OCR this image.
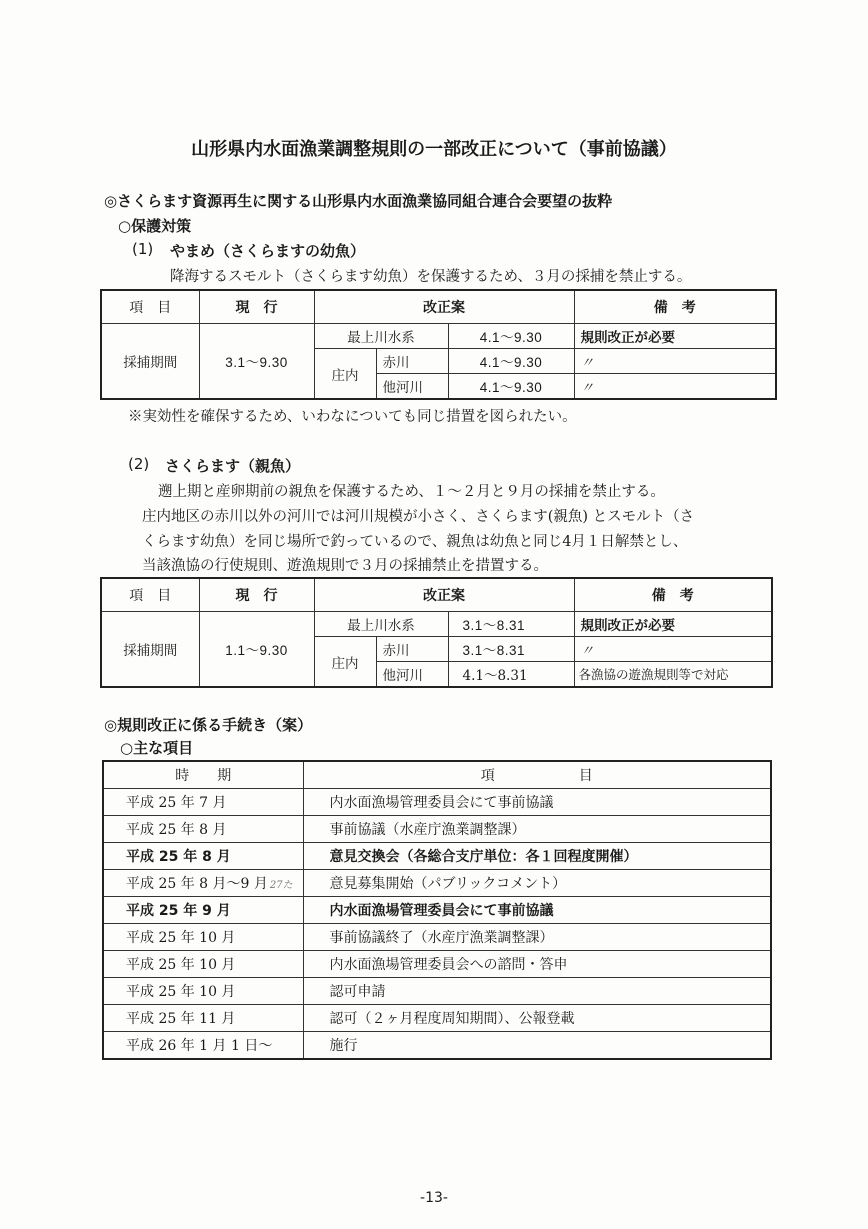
山形県内水面漁業調整規則の一部改正について（事前協議）
◎さくらます資源再生に関する山形県内水面漁業協同組合連合会要望の抜粋
○保護対策
(1) やまめ（さくらますの幼魚）
降海するスモルト（さくらます幼魚）を保護するため、３月の採捕を禁止する。
項　目	現　行	改正案			備　考
採捕期間	3.1～9.30	最上川水系		4.1～9.30	規則改正が必要
		庄内	赤川	4.1～9.30	〃
			他河川	4.1～9.30	〃
※実効性を確保するため、いわなについても同じ措置を図られたい。
(2) さくらます（親魚）
遡上期と産卵期前の親魚を保護するため、１～２月と９月の採捕を禁止する。
庄内地区の赤川以外の河川では河川規模が小さく、さくらます(親魚) とスモルト（さ
くらます幼魚）を同じ場所で釣っているので、親魚は幼魚と同じ4月１日解禁とし、
当該漁協の行使規則、遊漁規則で３月の採捕禁止を措置する。
項　目	現　行	改正案			備　考
採捕期間	1.1～9.30	最上川水系		3.1～8.31	規則改正が必要
		庄内	赤川	3.1～8.31	〃
			他河川	4.1～8.31	各漁協の遊漁規則等で対応
◎規則改正に係る手続き（案）
○主な項目
時　　期	項　　　　　　目
平成 25 年 7 月	内水面漁場管理委員会にて事前協議
平成 25 年 8 月	事前協議（水産庁漁業調整課）
平成 25 年 8 月	意見交換会（各総合支庁単位：各１回程度開催）
平成 25 年 8 月～9 月 27た	意見募集開始（パブリックコメント）
平成 25 年 9 月	内水面漁場管理委員会にて事前協議
平成 25 年 10 月	事前協議終了（水産庁漁業調整課）
平成 25 年 10 月	内水面漁場管理委員会への諮問・答申
平成 25 年 10 月	認可申請
平成 25 年 11 月	認可（２ヶ月程度周知期間）、公報登載
平成 26 年 1 月 1 日～	施行
-13-
